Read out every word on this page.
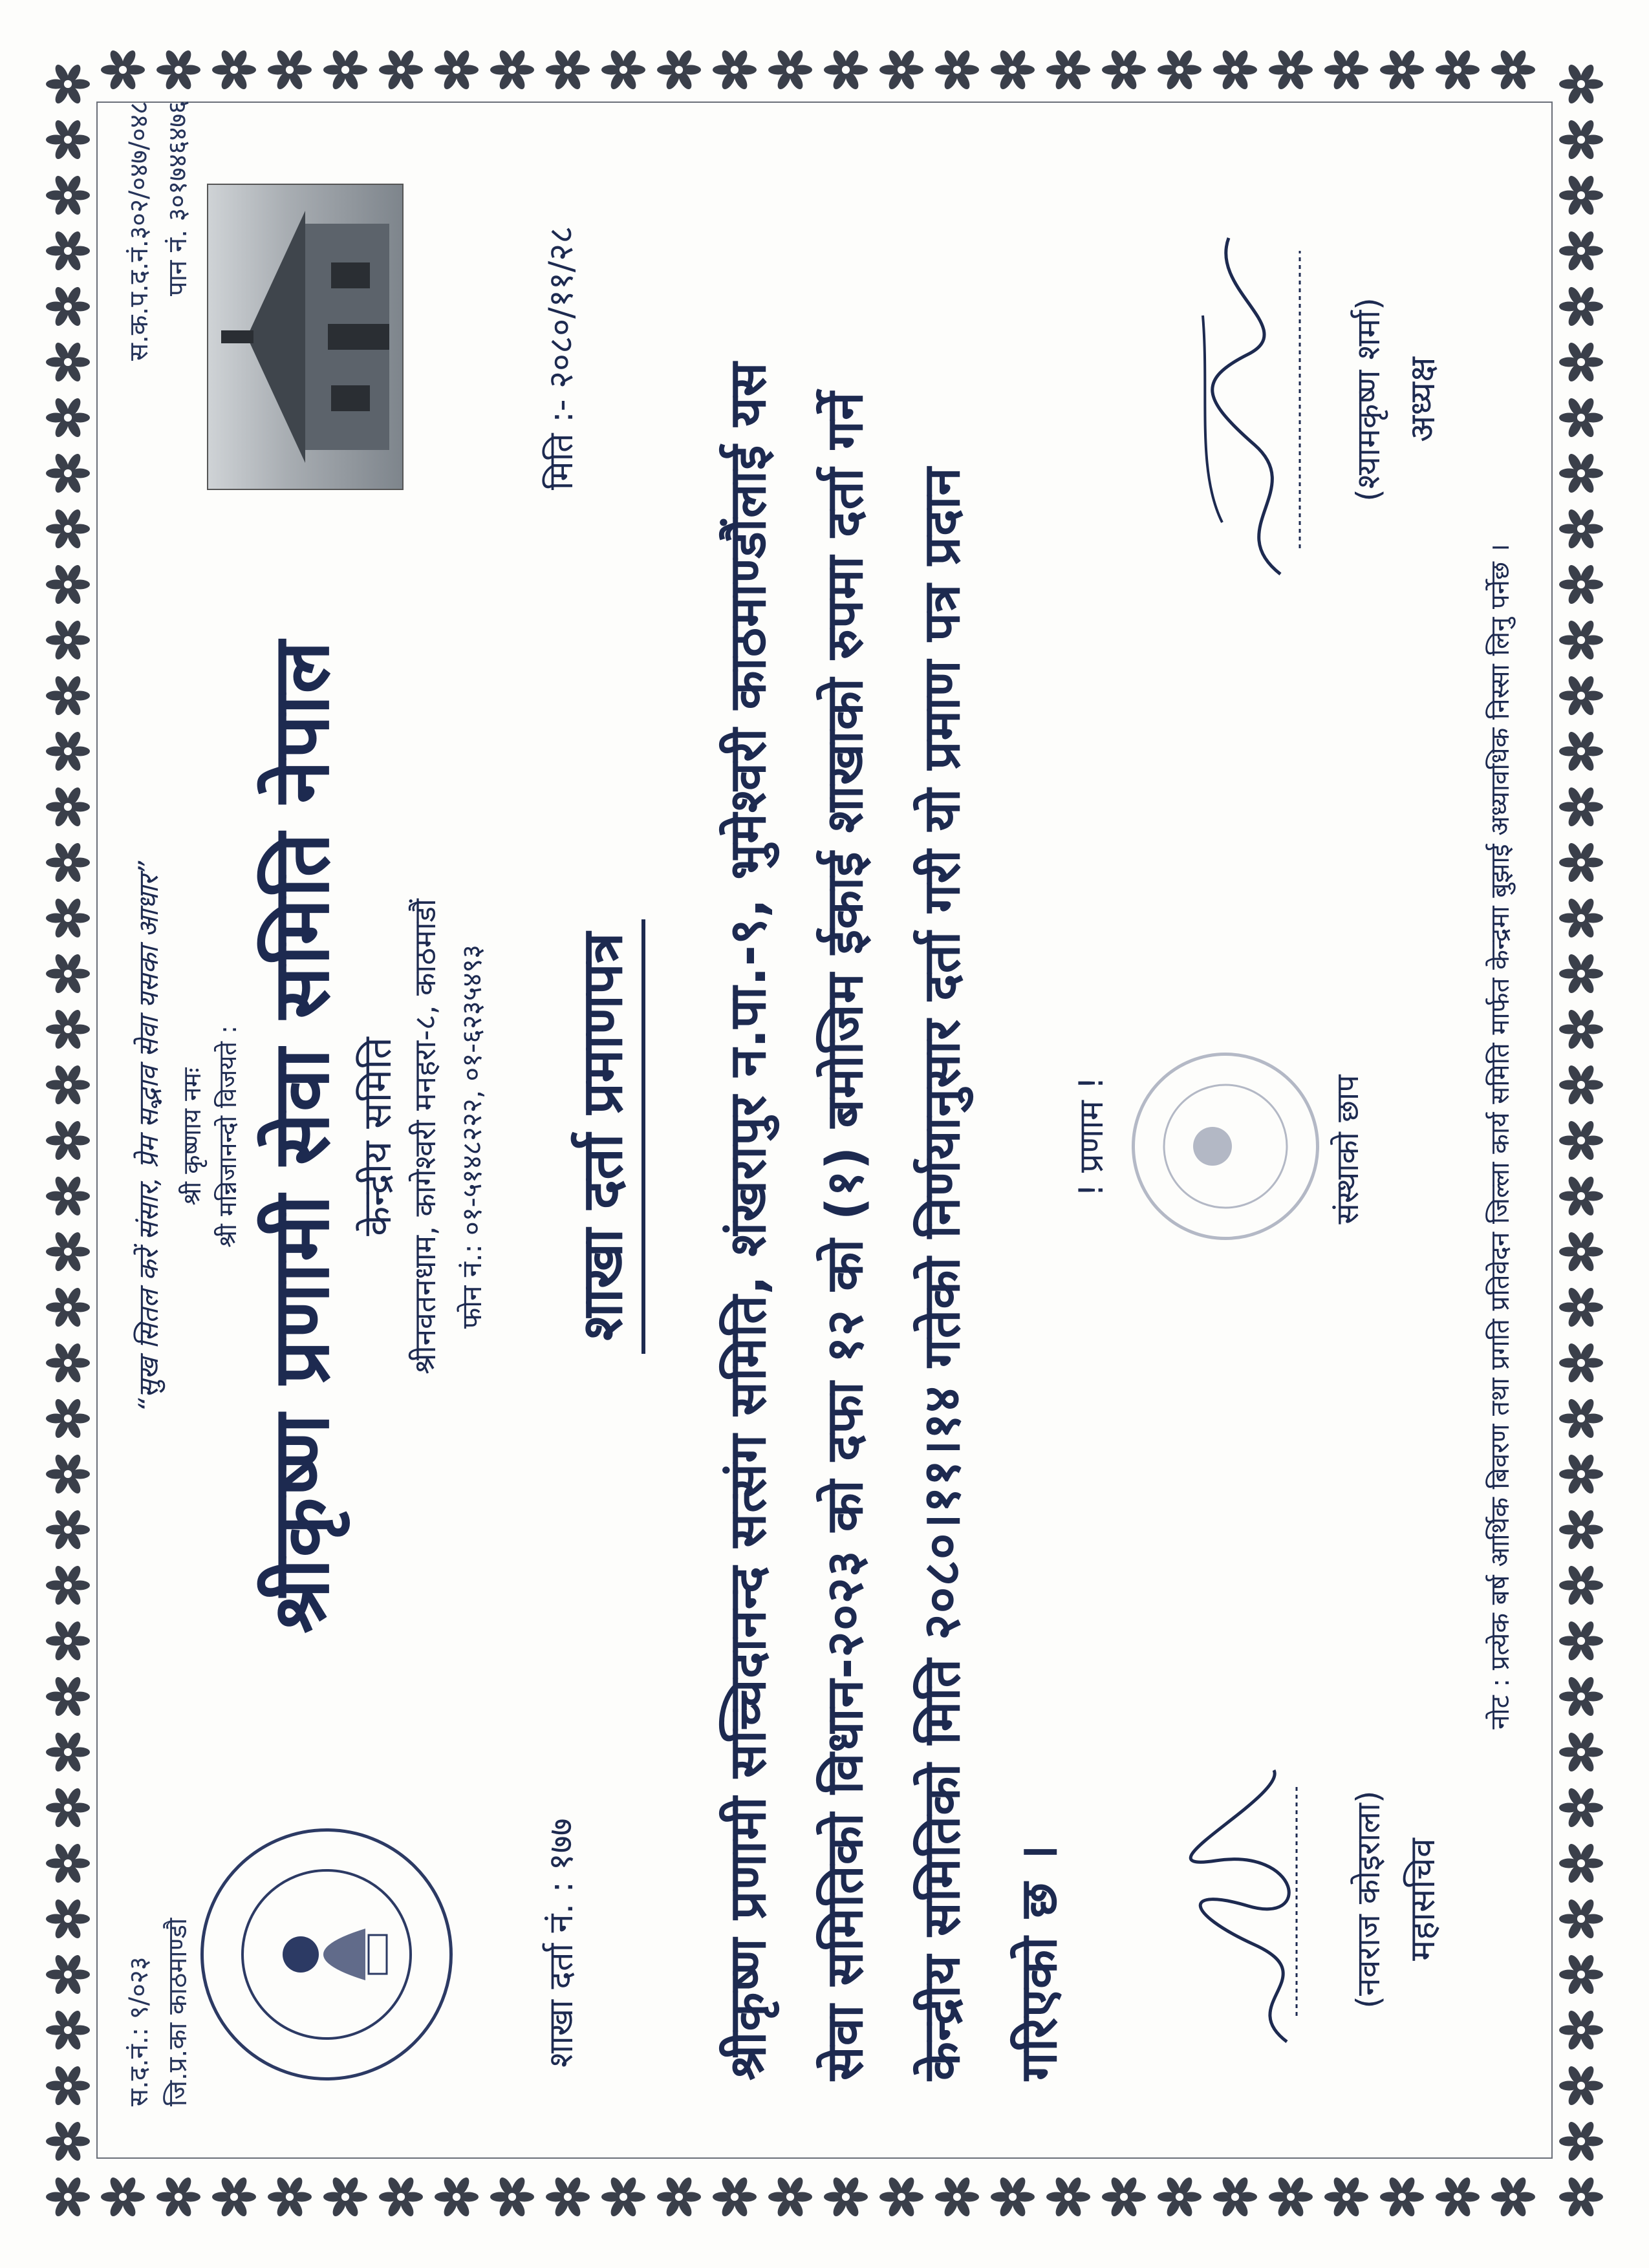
स.द.नं.: ९/०२३ जि.प्र.का काठमाण्डौ
स.क.प.द.नं.३०२/०४७/०४८ पान नं. ३०१७४६४७६
“सुख सितल करें संसार, प्रेम सद्भाव सेवा यसका आधार” श्री कृष्णाय नमः श्री मन्निजानन्दो विजयते : श्रीकृष्ण प्रणामी सेवा समिति नेपाल केन्द्रीय समिति श्रीनवतनधाम, कागेश्वरी मनहरा-८, काठमाडौं फोन नं.: ०१-५१४८२२२, ०१-६२३५४९३
शाखा दर्ता नं. : १७७
मिति :- २०८०/११/२८
शाखा दर्ता प्रमाणपत्र श्रीकृष्ण प्रणामी सच्चिदानन्द सत्संग समिति, शंखरापुर न.पा.-९, भुमेश्वरी काठमाण्डौंलाई यस सेवा समितिको विधान-२०२३ को दफा १२ को (१) बमोजिम ईकाई शाखाको रुपमा दर्ता गर्ने केन्द्रीय समितिको मिति २०८०।११।१४ गतेको निर्णयानुसार दर्ता गरी यो प्रमाण पत्र प्रदान गरिएको छ ।
! प्रणाम !	संस्थाको छाप
(नवराज कोइराला) महासचिव
(श्यामकृष्ण शर्मा) अध्यक्ष
नोट : प्रत्येक बर्ष आर्थिक बिवरण तथा प्रगति प्रतिवेदन जिल्ला कार्य समिति मार्फत केन्द्रमा बुझाई अध्यावधिक निस्सा लिनु पर्नेछ ।
